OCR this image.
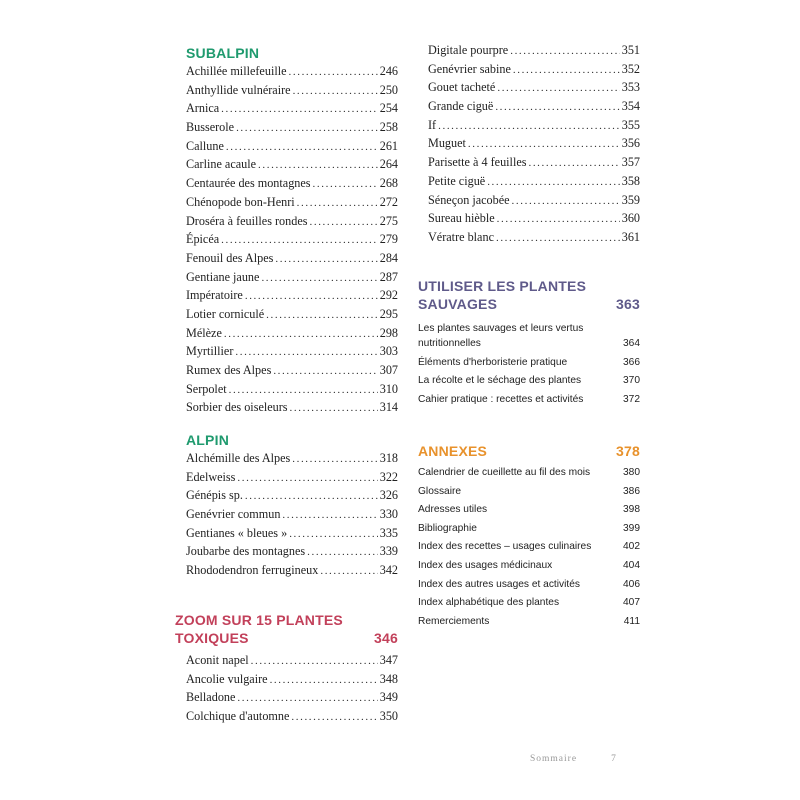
SUBALPIN
Achillée millefeuille .....	246
Anthyllide vulnéraire .....	250
Arnica .....	254
Busserole .....	258
Callune .....	261
Carline acaule .....	264
Centaurée des montagnes .....	268
Chénopode bon-Henri .....	272
Droséra à feuilles rondes .....	275
Épicéa .....	279
Fenouil des Alpes .....	284
Gentiane jaune .....	287
Impératoire .....	292
Lotier corniculé .....	295
Mélèze .....	298
Myrtillier .....	303
Rumex des Alpes .....	307
Serpolet .....	310
Sorbier des oiseleurs .....	314
ALPIN
Alchémille des Alpes .....	318
Edelweiss .....	322
Génépis sp. .....	326
Genévrier commun .....	330
Gentianes « bleues » .....	335
Joubarbe des montagnes .....	339
Rhododendron ferrugineux .....	342
ZOOM SUR 15 PLANTES
TOXIQUES	346
Aconit napel .....	347
Ancolie vulgaire .....	348
Belladone .....	349
Colchique d'automne .....	350
Digitale pourpre .....	351
Genévrier sabine .....	352
Gouet tacheté .....	353
Grande ciguë .....	354
If .....	355
Muguet .....	356
Parisette à 4 feuilles .....	357
Petite ciguë .....	358
Séneçon jacobée .....	359
Sureau hièble .....	360
Vératre blanc .....	361
UTILISER LES PLANTES
SAUVAGES	363
Les plantes sauvages et leurs vertus nutritionnelles	364
Éléments d'herboristerie pratique	366
La récolte et le séchage des plantes	370
Cahier pratique : recettes et activités	372
ANNEXES	378
Calendrier de cueillette au fil des mois	380
Glossaire	386
Adresses utiles	398
Bibliographie	399
Index des recettes – usages culinaires	402
Index des usages médicinaux	404
Index des autres usages et activités	406
Index alphabétique des plantes	407
Remerciements	411
Sommaire	7
